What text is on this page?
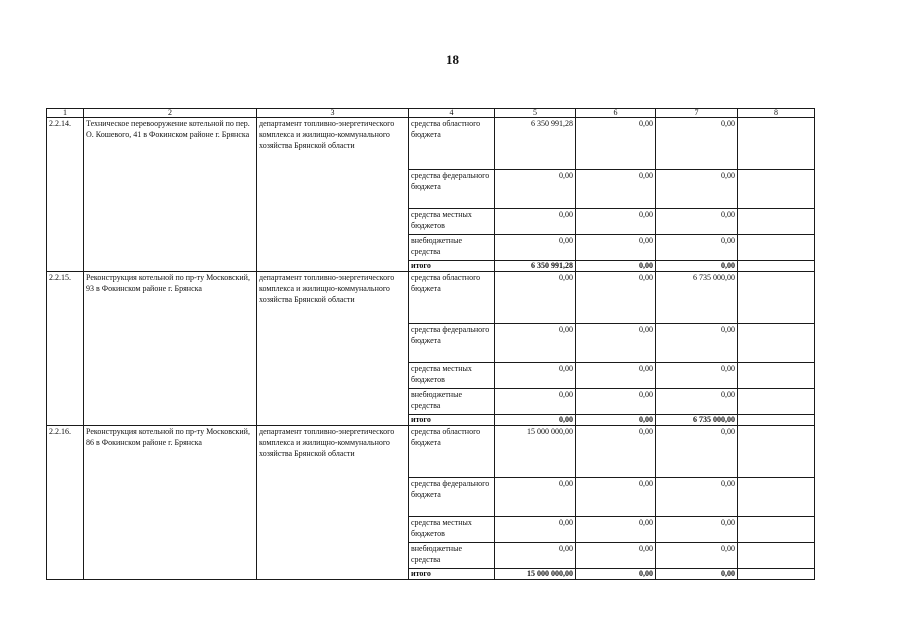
18
1	2	3	4	5	6	7	8
2.2.14.	Техническое перевооружение котельной по пер. О. Кошевого, 41 в Фокинском районе г. Брянска	департамент топливно-энергетического комплекса и жилищно-коммунального хозяйства Брянской области	средства областного бюджета	6 350 991,28	0,00	0,00	
			средства федерального бюджета	0,00	0,00	0,00	
			средства местных бюджетов	0,00	0,00	0,00	
			внебюджетные средства	0,00	0,00	0,00	
			итого	6 350 991,28	0,00	0,00	
2.2.15.	Реконструкция котельной по пр-ту Московский, 93 в Фокинском районе г. Брянска	департамент топливно-энергетического комплекса и жилищно-коммунального хозяйства Брянской области	средства областного бюджета	0,00	0,00	6 735 000,00	
			средства федерального бюджета	0,00	0,00	0,00	
			средства местных бюджетов	0,00	0,00	0,00	
			внебюджетные средства	0,00	0,00	0,00	
			итого	0,00	0,00	6 735 000,00	
2.2.16.	Реконструкция котельной по пр-ту Московский, 86 в Фокинском районе г. Брянска	департамент топливно-энергетического комплекса и жилищно-коммунального хозяйства Брянской области	средства областного бюджета	15 000 000,00	0,00	0,00	
			средства федерального бюджета	0,00	0,00	0,00	
			средства местных бюджетов	0,00	0,00	0,00	
			внебюджетные средства	0,00	0,00	0,00	
			итого	15 000 000,00	0,00	0,00	
